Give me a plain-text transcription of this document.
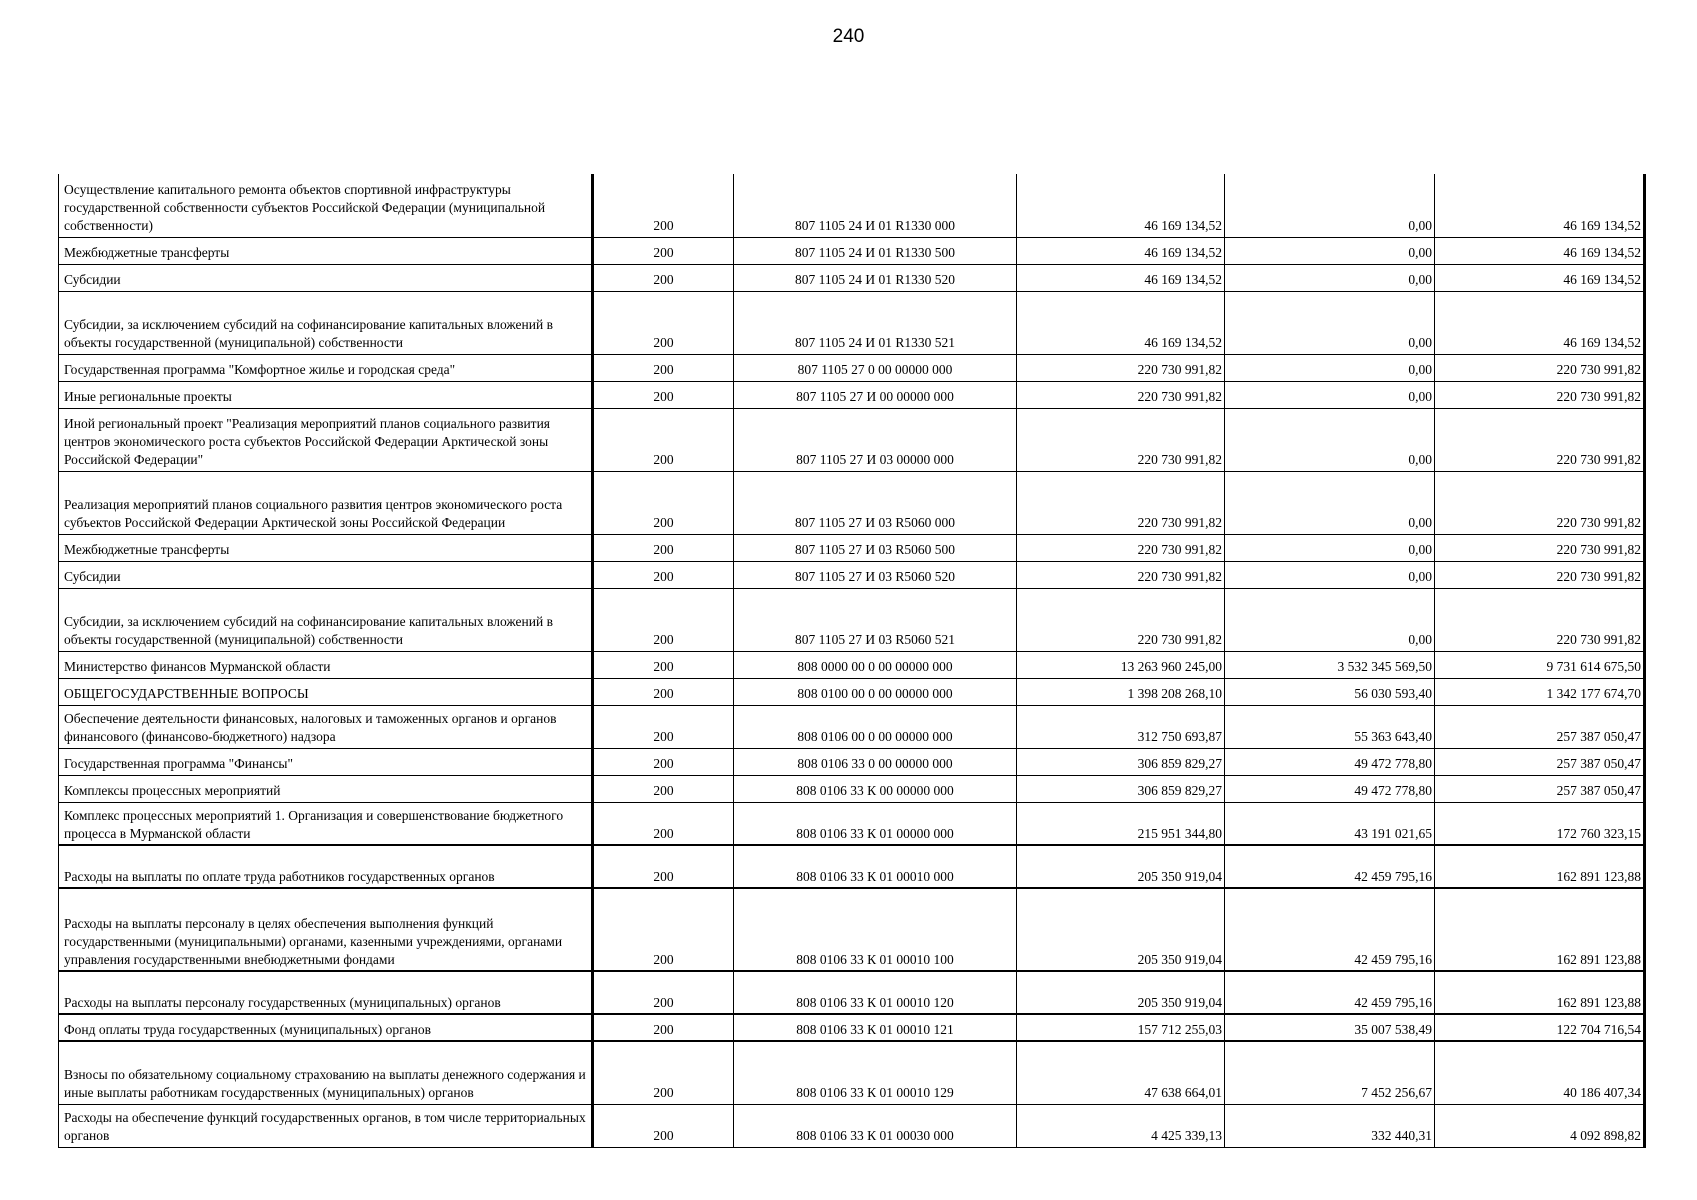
240
Осуществление капитального ремонта объектов спортивной инфраструктуры государственной собственности субъектов Российской Федерации (муниципальной собственности)	200	807 1105 24 И 01 R1330 000	46 169 134,52	0,00	46 169 134,52
Межбюджетные трансферты	200	807 1105 24 И 01 R1330 500	46 169 134,52	0,00	46 169 134,52
Субсидии	200	807 1105 24 И 01 R1330 520	46 169 134,52	0,00	46 169 134,52
Субсидии, за исключением субсидий на софинансирование капитальных вложений в объекты государственной (муниципальной) собственности	200	807 1105 24 И 01 R1330 521	46 169 134,52	0,00	46 169 134,52
Государственная программа "Комфортное жилье и городская среда"	200	807 1105 27 0 00 00000 000	220 730 991,82	0,00	220 730 991,82
Иные региональные проекты	200	807 1105 27 И 00 00000 000	220 730 991,82	0,00	220 730 991,82
Иной региональный проект "Реализация мероприятий планов социального развития центров экономического роста субъектов Российской Федерации Арктической зоны Российской Федерации"	200	807 1105 27 И 03 00000 000	220 730 991,82	0,00	220 730 991,82
Реализация мероприятий планов социального развития центров экономического роста субъектов Российской Федерации Арктической зоны Российской Федерации	200	807 1105 27 И 03 R5060 000	220 730 991,82	0,00	220 730 991,82
Межбюджетные трансферты	200	807 1105 27 И 03 R5060 500	220 730 991,82	0,00	220 730 991,82
Субсидии	200	807 1105 27 И 03 R5060 520	220 730 991,82	0,00	220 730 991,82
Субсидии, за исключением субсидий на софинансирование капитальных вложений в объекты государственной (муниципальной) собственности	200	807 1105 27 И 03 R5060 521	220 730 991,82	0,00	220 730 991,82
Министерство финансов Мурманской области	200	808 0000 00 0 00 00000 000	13 263 960 245,00	3 532 345 569,50	9 731 614 675,50
ОБЩЕГОСУДАРСТВЕННЫЕ ВОПРОСЫ	200	808 0100 00 0 00 00000 000	1 398 208 268,10	56 030 593,40	1 342 177 674,70
Обеспечение деятельности финансовых, налоговых и таможенных органов и органов финансового (финансово-бюджетного) надзора	200	808 0106 00 0 00 00000 000	312 750 693,87	55 363 643,40	257 387 050,47
Государственная программа "Финансы"	200	808 0106 33 0 00 00000 000	306 859 829,27	49 472 778,80	257 387 050,47
Комплексы процессных мероприятий	200	808 0106 33 К 00 00000 000	306 859 829,27	49 472 778,80	257 387 050,47
Комплекс процессных мероприятий 1. Организация и совершенствование бюджетного процесса в Мурманской области	200	808 0106 33 К 01 00000 000	215 951 344,80	43 191 021,65	172 760 323,15
Расходы на выплаты по оплате труда работников государственных органов	200	808 0106 33 К 01 00010 000	205 350 919,04	42 459 795,16	162 891 123,88
Расходы на выплаты персоналу в целях обеспечения выполнения функций государственными (муниципальными) органами, казенными учреждениями, органами управления государственными внебюджетными фондами	200	808 0106 33 К 01 00010 100	205 350 919,04	42 459 795,16	162 891 123,88
Расходы на выплаты персоналу государственных (муниципальных) органов	200	808 0106 33 К 01 00010 120	205 350 919,04	42 459 795,16	162 891 123,88
Фонд оплаты труда государственных (муниципальных) органов	200	808 0106 33 К 01 00010 121	157 712 255,03	35 007 538,49	122 704 716,54
Взносы по обязательному социальному страхованию на выплаты денежного содержания и иные выплаты работникам государственных (муниципальных) органов	200	808 0106 33 К 01 00010 129	47 638 664,01	7 452 256,67	40 186 407,34
Расходы на обеспечение функций государственных органов, в том числе территориальных органов	200	808 0106 33 К 01 00030 000	4 425 339,13	332 440,31	4 092 898,82
